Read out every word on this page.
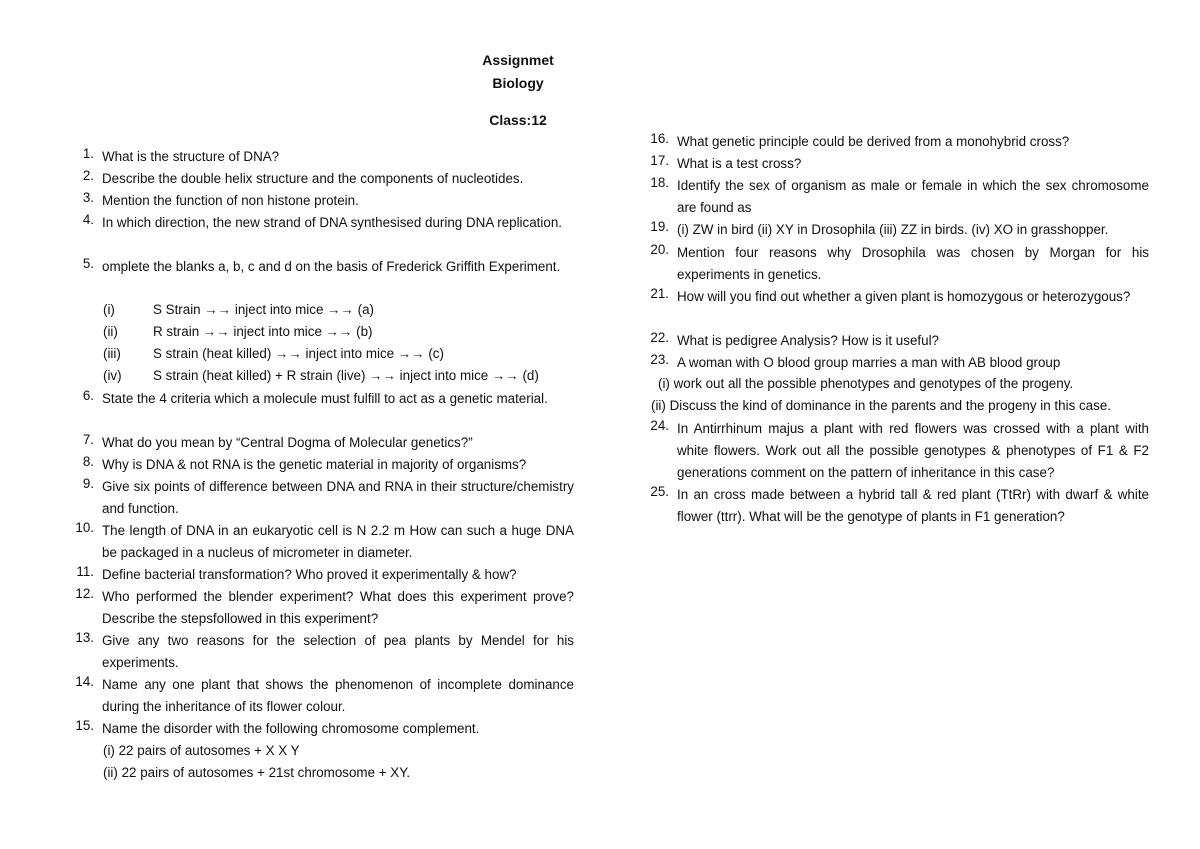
Assignmet
Biology
Class:12
1. What is the structure of DNA?
2. Describe the double helix structure and the components of nucleotides.
3. Mention the function of non histone protein.
4. In which direction, the new strand of DNA synthesised during DNA replication.
5. omplete the blanks a, b, c and d on the basis of Frederick Griffith Experiment.
(i)	S Strain →→ inject into mice →→ (a)
(ii)	R strain →→ inject into mice →→ (b)
(iii) S strain (heat killed) →→ inject into mice →→ (c)
(iv) S strain (heat killed) + R strain (live) →→ inject into mice →→ (d)
6. State the 4 criteria which a molecule must fulfill to act as a genetic material.
7. What do you mean by “Central Dogma of Molecular genetics?”
8. Why is DNA & not RNA is the genetic material in majority of organisms?
9. Give six points of difference between DNA and RNA in their structure/chemistry and function.
10. The length of DNA in an eukaryotic cell is N 2.2 m How can such a huge DNA be packaged in a nucleus of micrometer in diameter.
11. Define bacterial transformation? Who proved it experimentally & how?
12. Who performed the blender experiment? What does this experiment prove? Describe the stepsfollowed in this experiment?
13. Give any two reasons for the selection of pea plants by Mendel for his experiments.
14. Name any one plant that shows the phenomenon of incomplete dominance during the inheritance of its flower colour.
15. Name the disorder with the following chromosome complement.
(i) 22 pairs of autosomes + X X Y
(ii) 22 pairs of autosomes + 21st chromosome + XY.
16. What genetic principle could be derived from a monohybrid cross?
17. What is a test cross?
18. Identify the sex of organism as male or female in which the sex chromosome are found as
19. (i) ZW in bird (ii) XY in Drosophila (iii) ZZ in birds. (iv) XO in grasshopper.
20. Mention four reasons why Drosophila was chosen by Morgan for his experiments in genetics.
21. How will you find out whether a given plant is homozygous or heterozygous?
22. What is pedigree Analysis? How is it useful?
23. A woman with O blood group marries a man with AB blood group
(i) work out all the possible phenotypes and genotypes of the progeny.
(ii) Discuss the kind of dominance in the parents and the progeny in this case.
24. In Antirrhinum majus a plant with red flowers was crossed with a plant with white flowers. Work out all the possible genotypes & phenotypes of F1 & F2 generations comment on the pattern of inheritance in this case?
25. In an cross made between a hybrid tall & red plant (TtRr) with dwarf & white flower (ttrr). What will be the genotype of plants in F1 generation?
